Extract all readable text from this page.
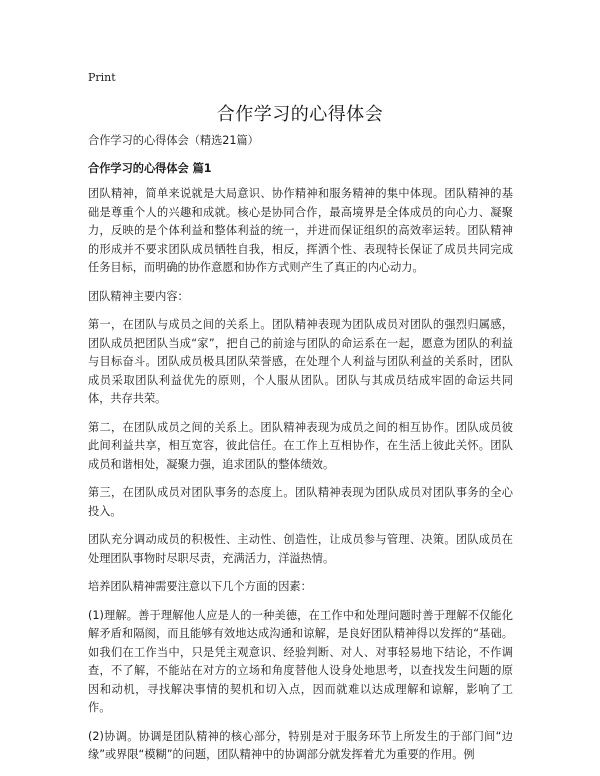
Print
合作学习的心得体会

合作学习的心得体会（精选21篇）

合作学习的心得体会 篇1

团队精神，简单来说就是大局意识、协作精神和服务精神的集中体现。团队精神的基础是尊重个人的兴趣和成就。核心是协同合作，最高境界是全体成员的向心力、凝聚力，反映的是个体利益和整体利益的统一，并进而保证组织的高效率运转。团队精神的形成并不要求团队成员牺牲自我，相反，挥洒个性、表现特长保证了成员共同完成任务目标，而明确的协作意愿和协作方式则产生了真正的内心动力。

团队精神主要内容：

第一，在团队与成员之间的关系上。团队精神表现为团队成员对团队的强烈归属感，团队成员把团队当成“家”，把自己的前途与团队的命运系在一起，愿意为团队的利益与目标奋斗。团队成员极具团队荣誉感，在处理个人利益与团队利益的关系时，团队成员采取团队利益优先的原则，个人服从团队。团队与其成员结成牢固的命运共同体，共存共荣。

第二，在团队成员之间的关系上。团队精神表现为成员之间的相互协作。团队成员彼此间利益共享，相互宽容，彼此信任。在工作上互相协作，在生活上彼此关怀。团队成员和谐相处，凝聚力强，追求团队的整体绩效。

第三，在团队成员对团队事务的态度上。团队精神表现为团队成员对团队事务的全心投入。

团队充分调动成员的积极性、主动性、创造性，让成员参与管理、决策。团队成员在处理团队事物时尽职尽责，充满活力，洋溢热情。

培养团队精神需要注意以下几个方面的因素：

(1)理解。善于理解他人应是人的一种美德，在工作中和处理问题时善于理解不仅能化解矛盾和隔阂，而且能够有效地达成沟通和谅解，是良好团队精神得以发挥的“基础。如我们在工作当中，只是凭主观意识、经验判断、对人、对事轻易地下结论，不作调查，不了解，不能站在对方的立场和角度替他人设身处地思考，以查找发生问题的原因和动机，寻找解决事情的契机和切入点，因而就难以达成理解和谅解，影响了工作。

(2)协调。协调是团队精神的核心部分，特别是对于服务环节上所发生的于部门间“边缘”或界限“模糊”的问题，团队精神中的协调部分就发挥着尤为重要的作用。例
